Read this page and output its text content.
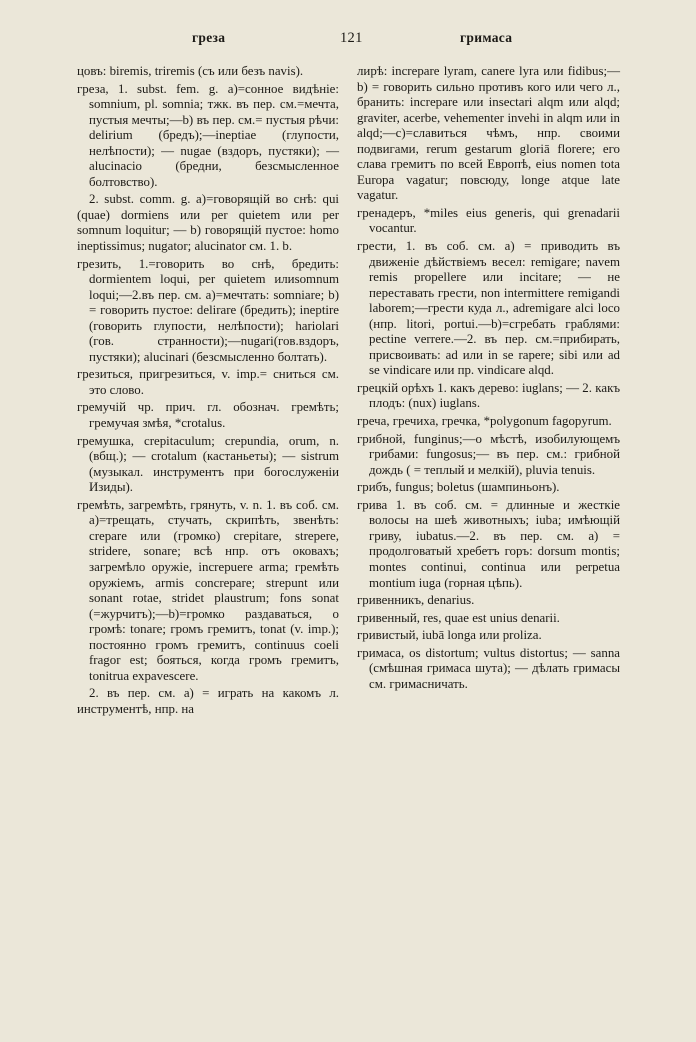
греза	121	гримаса

цовъ: biremis, triremis (съ или безъ navis).

греза, 1. subst. fem. g. a)=сонное видѣніе: somnium, pl. somnia; тжк. въ пер. см.=мечта, пустыя мечты;—b) въ пер. см.= пустыя рѣчи: delirium (бредъ);—ineptiae (глупости, нелѣпости); — nugae (вздоръ, пустяки); — alucinacio (бредни, безсмысленное болтовство).

2. subst. comm. g. a)=говорящій во снѣ: qui (quae) dormiens или per quietem или per somnum loquitur; — b) говорящій пустое: homo ineptissimus; nugator; alucinator см. 1. b.

грезить, 1.=говорить во снѣ, бредить: dormientem loqui, per quietem илиsomnum loqui;—2.въ пер. см. a)=мечтать: somniare; b) = говорить пустое: delirare (бредить); ineptire (говорить глупости, нелѣпости); hariolari (гов. странности);—nugari(гов.вздоръ, пустяки); alucinari (безсмысленно болтать).

грезиться, пригрезиться, v. imp.= сниться см. это слово.

гремучій чр. прич. гл. обознач. гремѣть; гремучая змѣя, *crotalus.

гремушка, crepitaculum; crepundia, orum, n. (вбщ.); — crotalum (кастаньеты); — sistrum (музыкал. инструментъ при богослуженіи Изиды).

гремѣть, загремѣть, грянуть, v. n. 1. въ соб. см. a)=трещать, стучать, скрипѣть, звенѣть: crepare или (громко) crepitare, strepere, stridere, sonare; всѣ нпр. отъ оковахъ; загремѣло оружіе, increpuere arma; гремѣть оружіемъ, armis concrepare; strepunt или sonant rotae, stridet plaustrum; fons sonat (=журчитъ);—b)=громко раздаваться, о громѣ: tonare; громъ гремитъ, tonat (v. imp.); постоянно громъ гремитъ, continuus coeli fragor est; бояться, когда громъ гремитъ, tonitrua expavescere.

2. въ пер. см. a) = играть на какомъ л. инструментѣ, нпр. на

лирѣ: increpare lyram, canere lyra или fidibus;—b) = говорить сильно противъ кого или чего л., бранить: increpare или insectari alqm или alqd; graviter, acerbe, vehementer invehi in alqm или in alqd;—c)=славиться чѣмъ, нпр. своими подвигами, rerum gestarum gloriā florere; его слава гремитъ по всей Европѣ, eius nomen tota Europa vagatur; повсюду, longe atque late vagatur.

гренадеръ, *miles eius generis, qui grenadarii vocantur.

грести, 1. въ соб. см. a) = приводить въ движеніе дѣйствіемъ весел: remigare; navem remis propellere или incitare; — не переставать грести, non intermittere remigandi laborem;—грести куда л., adremigare alci loco (нпр. litori, portui.—b)=сгребать граблями: pectine verrere.—2. въ пер. см.=прибирать, присвоивать: ad или in se rapere; sibi или ad se vindicare или пр. vindicare alqd.

грецкій орѣхъ 1. какъ дерево: iuglans; — 2. какъ плодъ: (nux) iuglans.

греча, гречиха, гречка, *polygonum fagopyrum.

грибной, funginus;—о мѣстѣ, изобилующемъ грибами: fungosus;— въ пер. см.: грибной дождь ( = теплый и мелкій), pluvia tenuis.

грибъ, fungus; boletus (шампиньонъ).

грива 1. въ соб. см. = длинные и жесткіе волосы на шеѣ животныхъ; iuba; имѣющій гриву, iubatus.—2. въ пер. см. a) = продолговатый хребетъ горъ: dorsum montis; montes continui, continua или perpetua montium iuga (горная цѣпь).

гривенникъ, denarius.

гривенный, res, quae est unius denarii.

гривистый, iubā longa или proliza.

гримаса, os distortum; vultus distortus; — sanna (смѣшная гримаса шута); — дѣлать гримасы см. гримасничать.
